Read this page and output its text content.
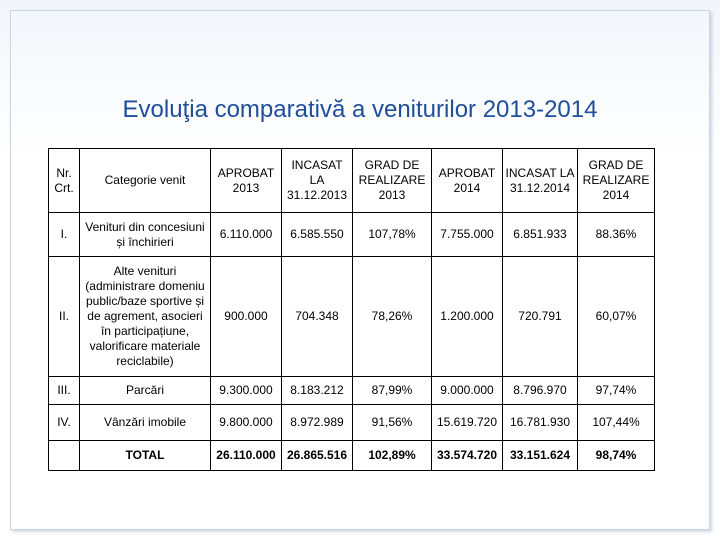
Evoluţia comparativă a veniturilor 2013-2014
Nr. Crt.	Categorie venit	APROBAT 2013	INCASAT LA 31.12.2013	GRAD DE REALIZARE 2013	APROBAT 2014	INCASAT LA 31.12.2014	GRAD DE REALIZARE 2014
I.	Venituri din concesiuni și închirieri	6.110.000	6.585.550	107,78%	7.755.000	6.851.933	88.36%
II.	Alte venituri (administrare domeniu public/baze sportive și de agrement, asocieri în participațiune, valorificare materiale reciclabile)	900.000	704.348	78,26%	1.200.000	720.791	60,07%
III.	Parcări	9.300.000	8.183.212	87,99%	9.000.000	8.796.970	97,74%
IV.	Vânzări imobile	9.800.000	8.972.989	91,56%	15.619.720	16.781.930	107,44%
	TOTAL	26.110.000	26.865.516	102,89%	33.574.720	33.151.624	98,74%
